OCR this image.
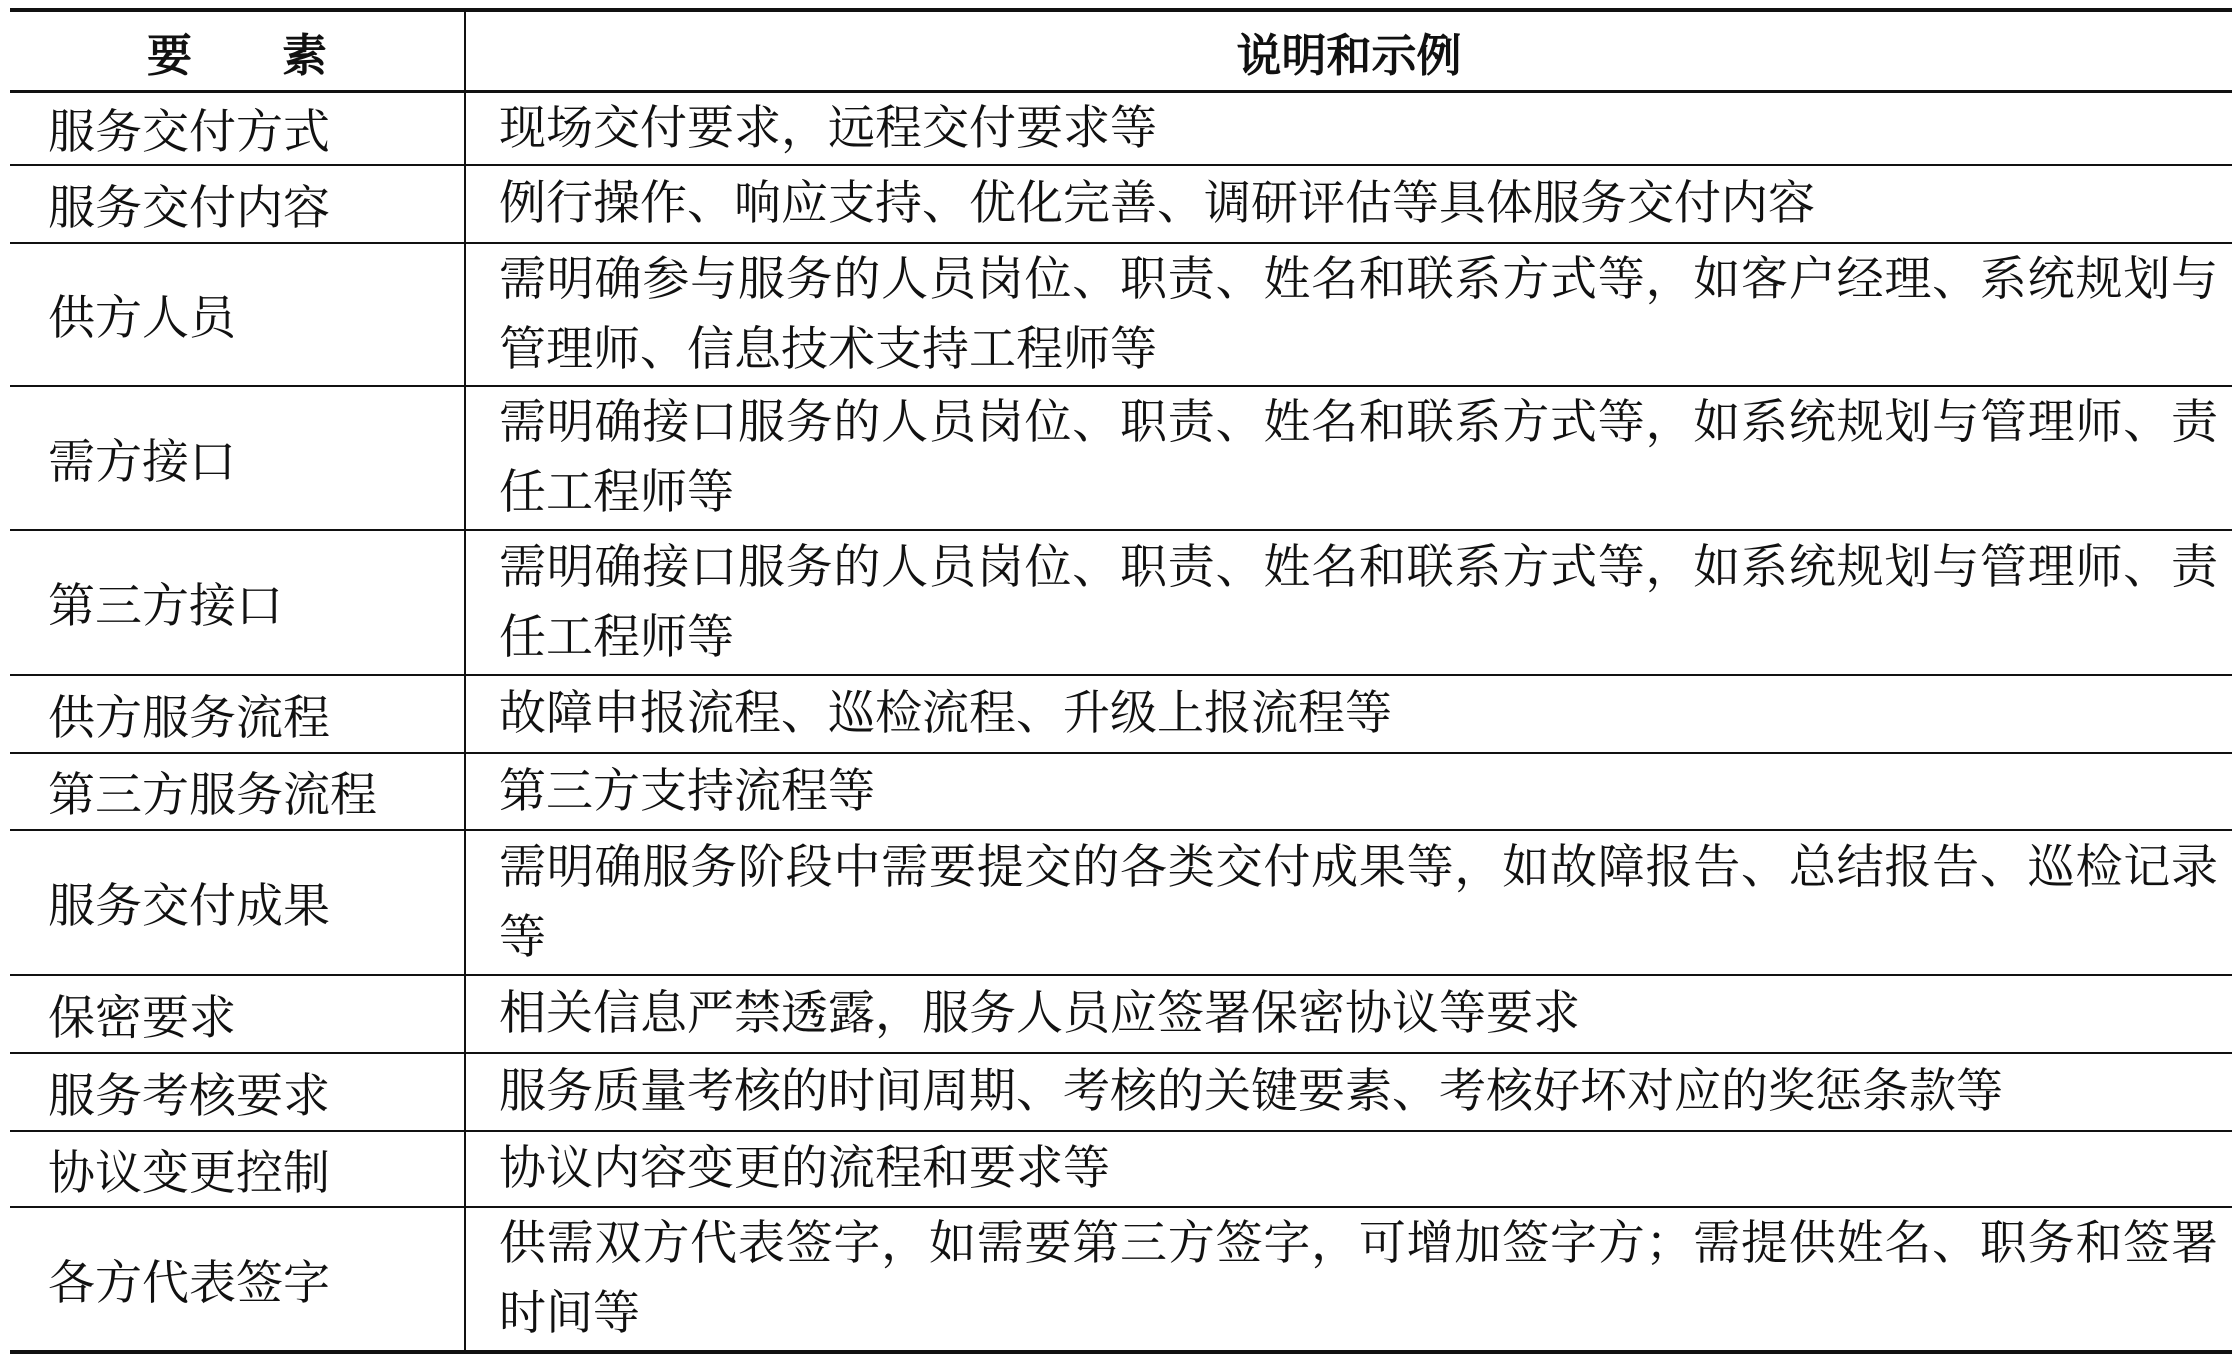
要素	说明和示例
服务交付方式	现场交付要求，远程交付要求等
服务交付内容	例行操作、响应支持、优化完善、调研评估等具体服务交付内容
供方人员	需明确参与服务的人员岗位、职责、姓名和联系方式等，如客户经理、系统规划与管理师、信息技术支持工程师等
需方接口	需明确接口服务的人员岗位、职责、姓名和联系方式等，如系统规划与管理师、责任工程师等
第三方接口	需明确接口服务的人员岗位、职责、姓名和联系方式等，如系统规划与管理师、责任工程师等
供方服务流程	故障申报流程、巡检流程、升级上报流程等
第三方服务流程	第三方支持流程等
服务交付成果	需明确服务阶段中需要提交的各类交付成果等，如故障报告、总结报告、巡检记录等
保密要求	相关信息严禁透露，服务人员应签署保密协议等要求
服务考核要求	服务质量考核的时间周期、考核的关键要素、考核好坏对应的奖惩条款等
协议变更控制	协议内容变更的流程和要求等
各方代表签字	供需双方代表签字，如需要第三方签字，可增加签字方；需提供姓名、职务和签署时间等
